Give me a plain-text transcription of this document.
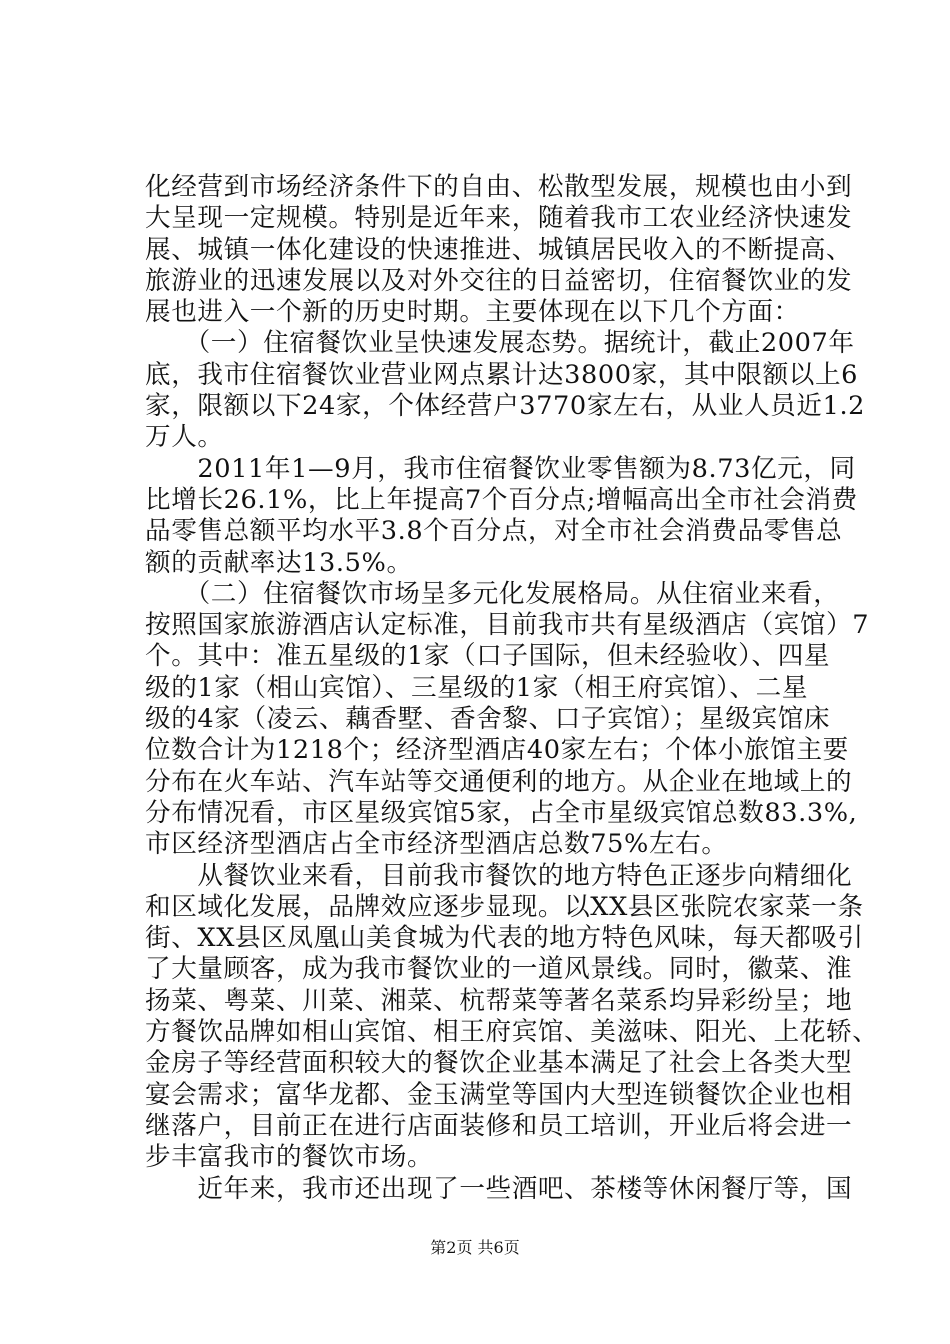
化经营到市场经济条件下的自由、松散型发展，规模也由小到
大呈现一定规模。特别是近年来，随着我市工农业经济快速发
展、城镇一体化建设的快速推进、城镇居民收入的不断提高、
旅游业的迅速发展以及对外交往的日益密切，住宿餐饮业的发
展也进入一个新的历史时期。主要体现在以下几个方面：
　　（一）住宿餐饮业呈快速发展态势。据统计，截止2007年
底，我市住宿餐饮业营业网点累计达3800家，其中限额以上6
家，限额以下24家，个体经营户3770家左右，从业人员近1.2
万人。
　　2011年1—9月，我市住宿餐饮业零售额为8.73亿元，同
比增长26.1%，比上年提高7个百分点;增幅高出全市社会消费
品零售总额平均水平3.8个百分点，对全市社会消费品零售总
额的贡献率达13.5%。
　　（二）住宿餐饮市场呈多元化发展格局。从住宿业来看，
按照国家旅游酒店认定标准，目前我市共有星级酒店（宾馆）7
个。其中：准五星级的1家（口子国际，但未经验收）、四星
级的1家（相山宾馆）、三星级的1家（相王府宾馆）、二星
级的4家（凌云、藕香墅、香舍黎、口子宾馆）；星级宾馆床
位数合计为1218个；经济型酒店40家左右；个体小旅馆主要
分布在火车站、汽车站等交通便利的地方。从企业在地域上的
分布情况看，市区星级宾馆5家，占全市星级宾馆总数83.3%,
市区经济型酒店占全市经济型酒店总数75%左右。
　　从餐饮业来看，目前我市餐饮的地方特色正逐步向精细化
和区域化发展，品牌效应逐步显现。以XX县区张院农家菜一条
街、XX县区凤凰山美食城为代表的地方特色风味，每天都吸引
了大量顾客，成为我市餐饮业的一道风景线。同时，徽菜、淮
扬菜、粤菜、川菜、湘菜、杭帮菜等著名菜系均异彩纷呈；地
方餐饮品牌如相山宾馆、相王府宾馆、美滋味、阳光、上花轿、
金房子等经营面积较大的餐饮企业基本满足了社会上各类大型
宴会需求；富华龙都、金玉满堂等国内大型连锁餐饮企业也相
继落户，目前正在进行店面装修和员工培训，开业后将会进一
步丰富我市的餐饮市场。
　　近年来，我市还出现了一些酒吧、茶楼等休闲餐厅等，国
第2页 共6页
